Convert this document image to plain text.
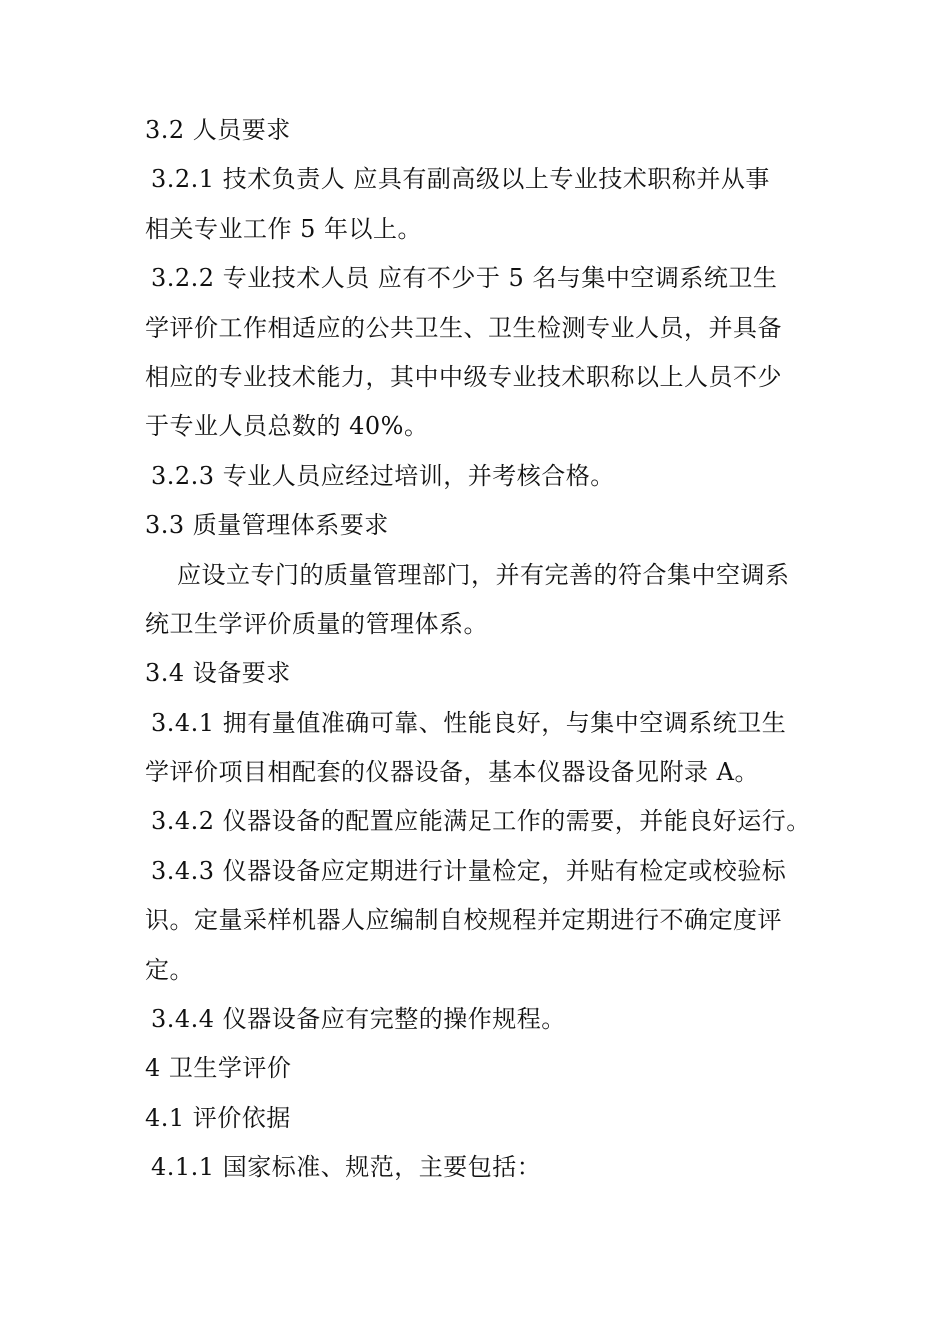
3.2 人员要求

3.2.1 技术负责人 应具有副高级以上专业技术职称并从事

相关专业工作 5 年以上。

3.2.2 专业技术人员 应有不少于 5 名与集中空调系统卫生

学评价工作相适应的公共卫生、卫生检测专业人员，并具备

相应的专业技术能力，其中中级专业技术职称以上人员不少

于专业人员总数的 40%。

3.2.3 专业人员应经过培训，并考核合格。

3.3 质量管理体系要求

应设立专门的质量管理部门，并有完善的符合集中空调系

统卫生学评价质量的管理体系。

3.4 设备要求

3.4.1 拥有量值准确可靠、性能良好，与集中空调系统卫生

学评价项目相配套的仪器设备，基本仪器设备见附录 A。

3.4.2 仪器设备的配置应能满足工作的需要，并能良好运行。

3.4.3 仪器设备应定期进行计量检定，并贴有检定或校验标

识。定量采样机器人应编制自校规程并定期进行不确定度评

定。

3.4.4 仪器设备应有完整的操作规程。

4 卫生学评价

4.1 评价依据

4.1.1 国家标准、规范，主要包括：
